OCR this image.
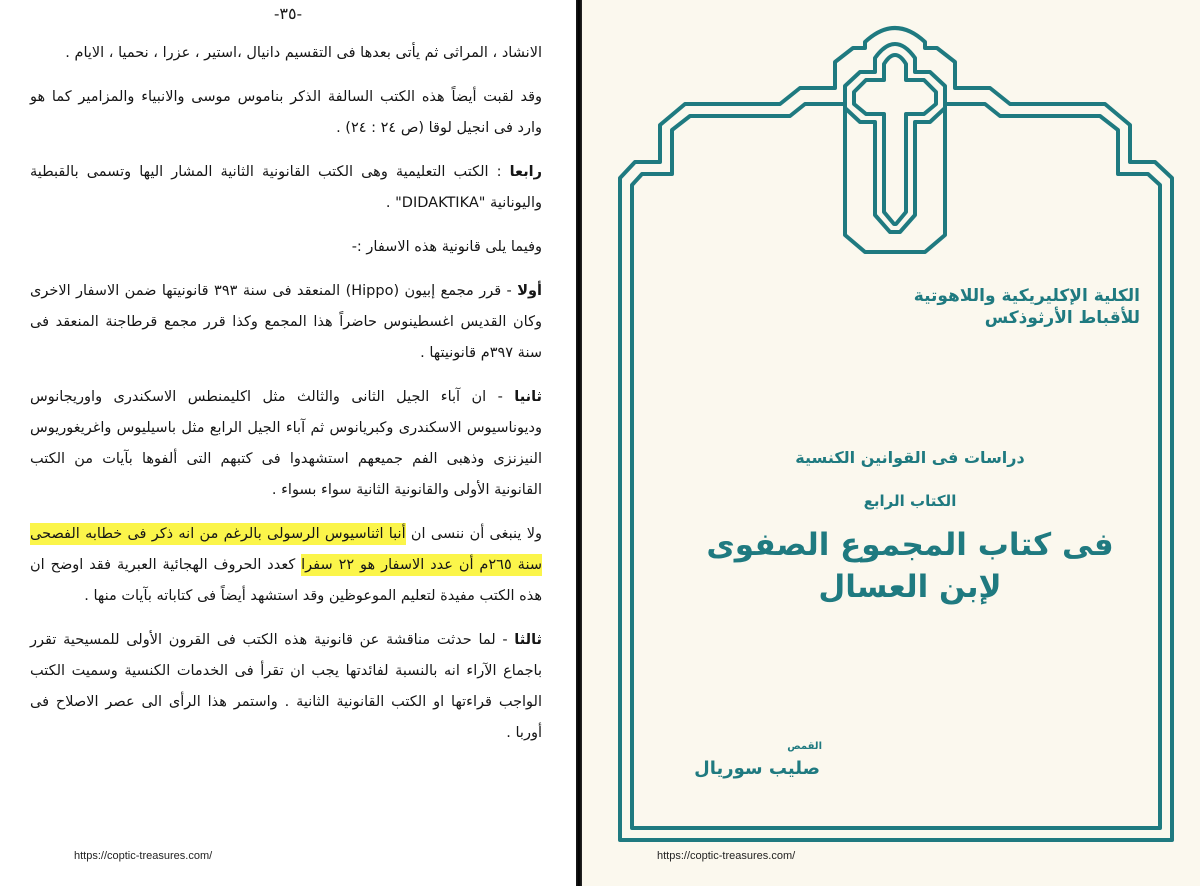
-٣٥-

الانشاد ، المراثى ثم يأتى بعدها فى التقسيم دانيال ،استير ، عزرا ، نحميا ، الايام .

وقد لقبت أيضاً هذه الكتب السالفة الذكر بناموس موسى والانبياء والمزامير كما هو وارد فى انجيل لوقا (ص ٢٤ : ٢٤) .

رابعا : الكتب التعليمية وهى الكتب القانونية الثانية المشار اليها وتسمى بالقبطية واليونانية "DIDAKTIKA" .

وفيما يلى قانونية هذه الاسفار :-

أولا - قرر مجمع إبيون (Hippo) المنعقد فى سنة ٣٩٣ قانونيتها ضمن الاسفار الاخرى وكان القديس اغسطينوس حاضراً هذا المجمع وكذا قرر مجمع قرطاجنة المنعقد فى سنة ٣٩٧م قانونيتها .

ثانيا - ان آباء الجيل الثانى والثالث مثل اكليمنطس الاسكندرى واوريجانوس وديوناسيوس الاسكندرى وكبريانوس ثم آباء الجيل الرابع مثل باسيليوس واغريغوريوس النيزنزى وذهبى الفم جميعهم استشهدوا فى كتبهم التى ألفوها بآيات من الكتب القانونية الأولى والقانونية الثانية سواء بسواء .

ولا ينبغى أن ننسى ان أنبا اثناسيوس الرسولى بالرغم من انه ذكر فى خطابه الفصحى سنة ٢٦٥م أن عدد الاسفار هو ٢٢ سفرا كعدد الحروف الهجائية العبرية فقد اوضح ان هذه الكتب مفيدة لتعليم الموعوظين وقد استشهد أيضاً فى كتاباته بآيات منها .

ثالثا - لما حدثت مناقشة عن قانونية هذه الكتب فى القرون الأولى للمسيحية تقرر باجماع الآراء انه بالنسبة لفائدتها يجب ان تقرأ فى الخدمات الكنسية وسميت الكتب الواجب قراءتها او الكتب القانونية الثانية . واستمر هذا الرأى الى عصر الاصلاح فى أوربا .

https://coptic-treasures.com/
الكلية الإكليريكية واللاهوتية
للأقباط الأرثوذكس
دراسات فى القوانين الكنسية
الكتاب الرابع
فى كتاب المجموع الصفوى
لإبن العسال
القمص
صليب سوريال
https://coptic-treasures.com/
